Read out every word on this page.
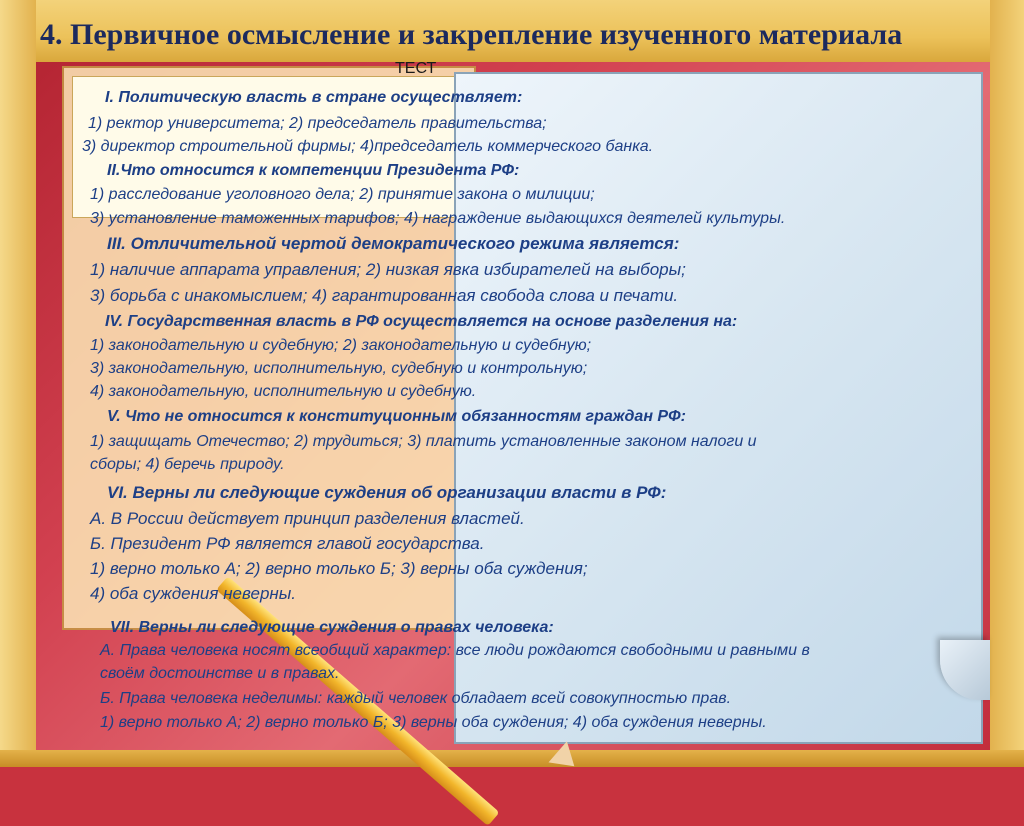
4. Первичное осмысление и закрепление изученного материала
ТЕСТ
I. Политическую власть в стране осуществляет:
1) ректор университета; 2) председатель правительства;
3) директор строительной фирмы; 4)председатель коммерческого банка.
II.Что относится к компетенции Президента РФ:
1) расследование уголовного дела; 2) принятие закона о милиции;
3) установление таможенных тарифов; 4) награждение выдающихся деятелей культуры.
III. Отличительной чертой демократического режима является:
1) наличие аппарата управления; 2) низкая явка избирателей на выборы;
3) борьба с инакомыслием; 4) гарантированная свобода слова и печати.
IV. Государственная власть в РФ осуществляется на основе разделения на:
1) законодательную и судебную; 2) законодательную и судебную;
3) законодательную, исполнительную, судебную и контрольную;
4) законодательную, исполнительную и судебную.
V. Что не относится к конституционным обязанностям граждан РФ:
1) защищать Отечество; 2) трудиться; 3) платить установленные законом налоги и
сборы; 4) беречь природу.
VI. Верны ли следующие суждения об организации власти в РФ:
А. В России действует принцип разделения властей.
Б. Президент РФ является главой государства.
1) верно только А; 2) верно только Б; 3) верны оба суждения;
4) оба суждения неверны.
VII. Верны ли следующие суждения о правах человека:
А. Права человека носят всеобщий характер: все люди рождаются свободными и равными в
своём достоинстве и в правах.
Б. Права человека неделимы: каждый человек обладает всей совокупностью прав.
1) верно только А; 2) верно только Б; 3) верны оба суждения; 4) оба суждения неверны.
